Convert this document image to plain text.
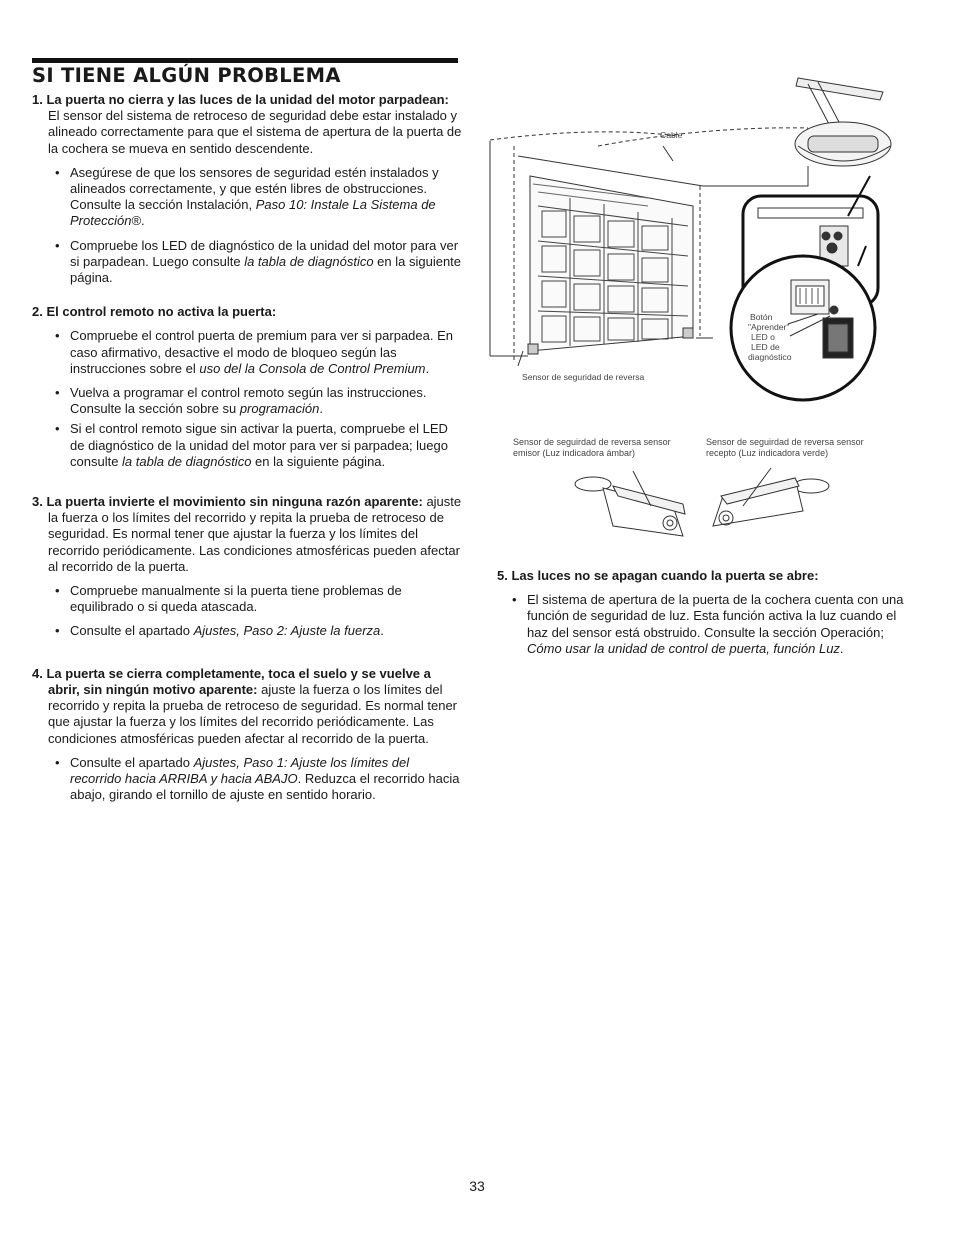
SI TIENE ALGÚN PROBLEMA
1. La puerta no cierra y las luces de la unidad del motor parpadean: El sensor del sistema de retroceso de seguridad debe estar instalado y alineado correctamente para que el sistema de apertura de la puerta de la cochera se mueva en sentido descendente.
• Asegúrese de que los sensores de seguridad estén instalados y alineados correctamente, y que estén libres de obstrucciones. Consulte la sección Instalación, Paso 10: Instale La Sistema de Protección®.
• Compruebe los LED de diagnóstico de la unidad del motor para ver si parpadean. Luego consulte la tabla de diagnóstico en la siguiente página.
2. El control remoto no activa la puerta:
• Compruebe el control puerta de premium para ver si parpadea. En caso afirmativo, desactive el modo de bloqueo según las instrucciones sobre el uso del la Consola de Control Premium.
• Vuelva a programar el control remoto según las instrucciones. Consulte la sección sobre su programación.
• Si el control remoto sigue sin activar la puerta, compruebe el LED de diagnóstico de la unidad del motor para ver si parpadea; luego consulte la tabla de diagnóstico en la siguiente página.
3. La puerta invierte el movimiento sin ninguna razón aparente: ajuste la fuerza o los límites del recorrido y repita la prueba de retroceso de seguridad. Es normal tener que ajustar la fuerza y los límites del recorrido periódicamente. Las condiciones atmosféricas pueden afectar al recorrido de la puerta.
• Compruebe manualmente si la puerta tiene problemas de equilibrado o si queda atascada.
• Consulte el apartado Ajustes, Paso 2: Ajuste la fuerza.
4. La puerta se cierra completamente, toca el suelo y se vuelve a abrir, sin ningún motivo aparente: ajuste la fuerza o los límites del recorrido y repita la prueba de retroceso de seguridad. Es normal tener que ajustar la fuerza y los límites del recorrido periódicamente. Las condiciones atmosféricas pueden afectar al recorrido de la puerta.
• Consulte el apartado Ajustes, Paso 1: Ajuste los límites del recorrido hacia ARRIBA y hacia ABAJO. Reduzca el recorrido hacia abajo, girando el tornillo de ajuste en sentido horario.
5. Las luces no se apagan cuando la puerta se abre:
• El sistema de apertura de la puerta de la cochera cuenta con una función de seguridad de luz. Esta función activa la luz cuando el haz del sensor está obstruido. Consulte la sección Operación; Cómo usar la unidad de control de puerta, función Luz.
Cable
Botón
"Aprender"
LED o
LED de
diagnóstico
Sensor de seguridad de reversa
Sensor de seguirdad de reversa sensor
emisor (Luz indicadora ámbar)
Sensor de seguirdad de reversa sensor
recepto (Luz indicadora verde)
33
